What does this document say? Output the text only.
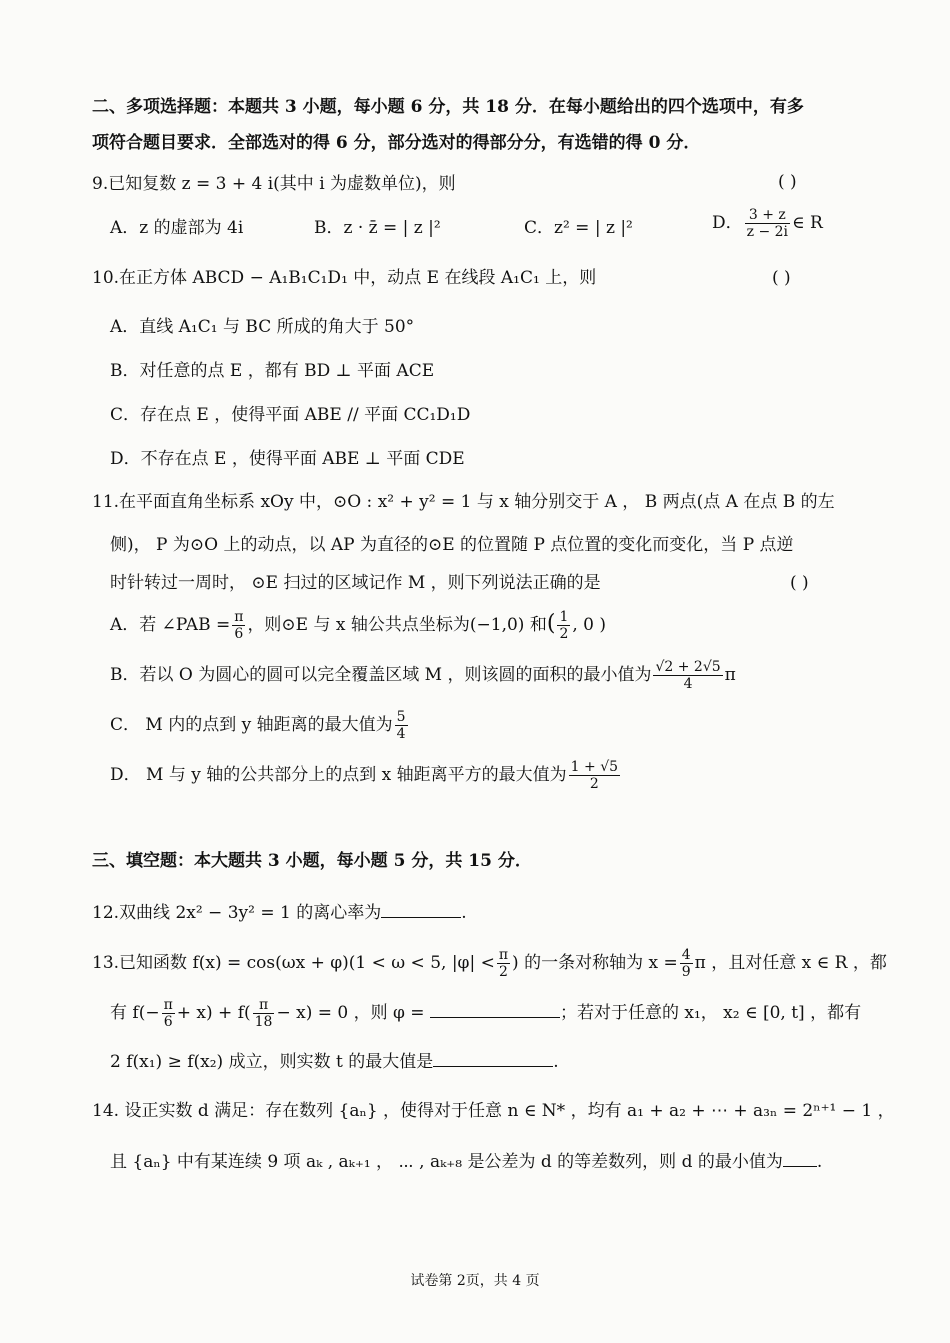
二、多项选择题：本题共 3 小题，每小题 6 分，共 18 分．在每小题给出的四个选项中，有多
项符合题目要求．全部选对的得 6 分，部分选对的得部分分，有选错的得 0 分．
9.已知复数 z = 3 + 4 i(其中 i 为虚数单位)，则	( )
A．z 的虚部为 4i	B．z · z̄ = | z |²	C．z² = | z |²	D． $\frac{3 + z}{z - 2i}$ ∈ R
10.在正方体 ABCD − A₁B₁C₁D₁ 中，动点 E 在线段 A₁C₁ 上，则	( )
A．直线 A₁C₁ 与 BC 所成的角大于 50°
B．对任意的点 E ，都有 BD ⊥ 平面 ACE
C．存在点 E ，使得平面 ABE // 平面 CC₁D₁D
D．不存在点 E ，使得平面 ABE ⊥ 平面 CDE
11.在平面直角坐标系 xOy 中，⊙O : x² + y² = 1 与 x 轴分别交于 A ， B 两点(点 A 在点 B 的左
侧)， P 为⊙O 上的动点，以 AP 为直径的⊙E 的位置随 P 点位置的变化而变化，当 P 点逆
时针转过一周时， ⊙E 扫过的区域记作 M ，则下列说法正确的是	( )
A．若 ∠PAB = $\frac{\pi}{6}$ ，则⊙E 与 x 轴公共点坐标为(−1,0) 和( $\frac{1}{2}$ , 0 )
B．若以 O 为圆心的圆可以完全覆盖区域 M ，则该圆的面积的最小值为 $\frac{√2 + 2√5}{4}$ π
C． M 内的点到 y 轴距离的最大值为 $\frac{5}{4}$
D． M 与 y 轴的公共部分上的点到 x 轴距离平方的最大值为 $\frac{1 + √5}{2}$
三、填空题：本大题共 3 小题，每小题 5 分，共 15 分．
12.双曲线 2x² − 3y² = 1 的离心率为	.
13.已知函数 f(x) = cos(ωx + φ)(1 < ω < 5, $|\varphi| < \frac{\pi}{2}$ ) 的一条对称轴为 $x = \frac{4}{9}$ π ，且对任意 x ∈ R ，都
有 $f(- \frac{\pi}{6} + x) + f( \frac{\pi}{18} - x) = 0$ ，则 φ =	；若对于任意的 x₁， x₂ ∈ [0, t] ，都有
2 f(x₁) ≥ f(x₂) 成立，则实数 t 的最大值是	.
14. 设正实数 d 满足：存在数列 {aₙ} ，使得对于任意 n ∈ N* ，均有 a₁ + a₂ + ⋯ + a₃ₙ = 2ⁿ⁺¹ − 1 ，
且 {aₙ} 中有某连续 9 项 aₖ , aₖ₊₁ ， ⋯ , aₖ₊₈ 是公差为 d 的等差数列，则 d 的最小值为 .
试卷第 2页，共 4 页
